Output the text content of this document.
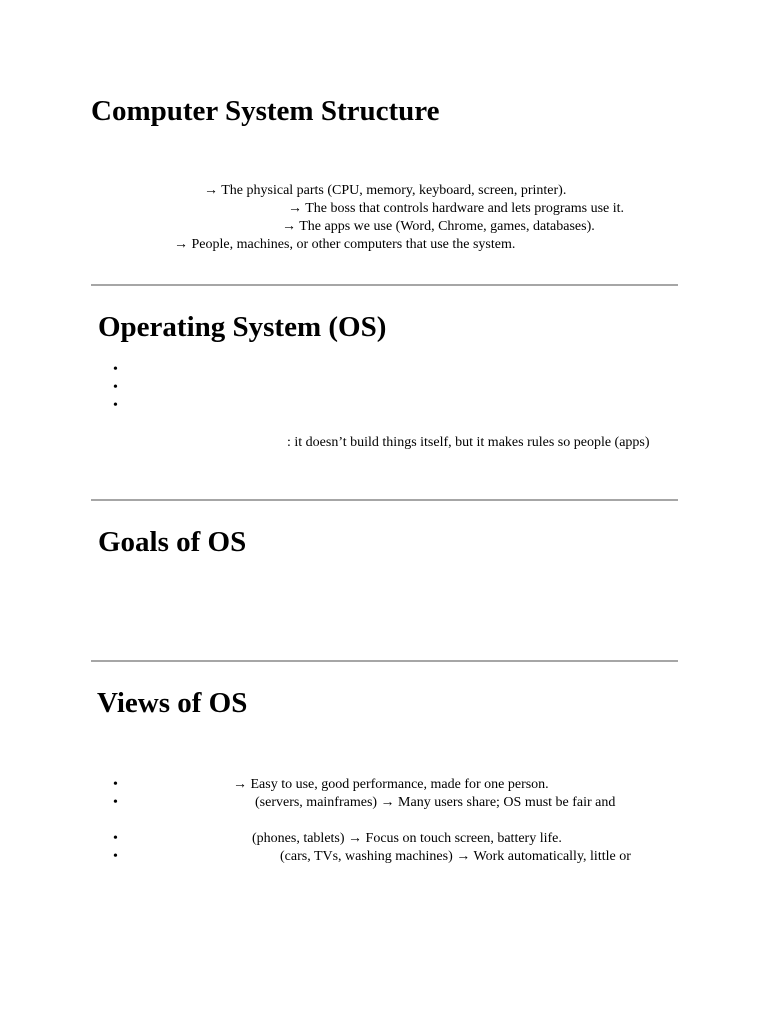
Computer System Structure
→ The physical parts (CPU, memory, keyboard, screen, printer).
→ The boss that controls hardware and lets programs use it.
→ The apps we use (Word, Chrome, games, databases).
→ People, machines, or other computers that use the system.
Operating System (OS)
•
•
•
: it doesn’t build things itself, but it makes rules so people (apps)
Goals of OS
Views of OS
•	→ Easy to use, good performance, made for one person.
•	(servers, mainframes) → Many users share; OS must be fair and
•	(phones, tablets) → Focus on touch screen, battery life.
•	(cars, TVs, washing machines) → Work automatically, little or
